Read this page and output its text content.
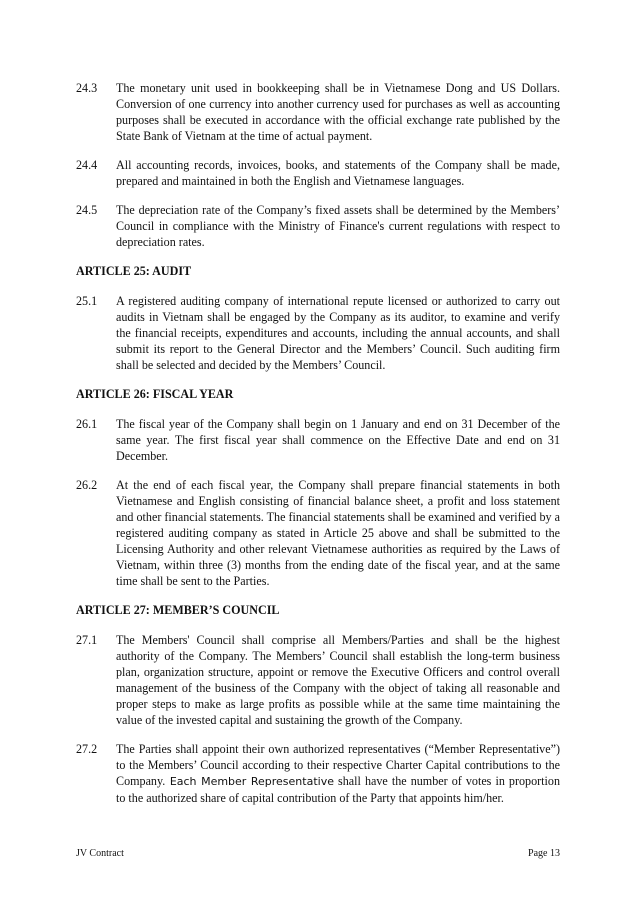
24.3	The monetary unit used in bookkeeping shall be in Vietnamese Dong and US Dollars. Conversion of one currency into another currency used for purchases as well as accounting purposes shall be executed in accordance with the official exchange rate published by the State Bank of Vietnam at the time of actual payment.
24.4	All accounting records, invoices, books, and statements of the Company shall be made, prepared and maintained in both the English and Vietnamese languages.
24.5	The depreciation rate of the Company’s fixed assets shall be determined by the Members’ Council in compliance with the Ministry of Finance's current regulations with respect to depreciation rates.
ARTICLE 25: AUDIT
25.1	A registered auditing company of international repute licensed or authorized to carry out audits in Vietnam shall be engaged by the Company as its auditor, to examine and verify the financial receipts, expenditures and accounts, including the annual accounts, and shall submit its report to the General Director and the Members’ Council. Such auditing firm shall be selected and decided by the Members’ Council.
ARTICLE 26: FISCAL YEAR
26.1	The fiscal year of the Company shall begin on 1 January and end on 31 December of the same year. The first fiscal year shall commence on the Effective Date and end on 31 December.
26.2	At the end of each fiscal year, the Company shall prepare financial statements in both Vietnamese and English consisting of financial balance sheet, a profit and loss statement and other financial statements. The financial statements shall be examined and verified by a registered auditing company as stated in Article 25 above and shall be submitted to the Licensing Authority and other relevant Vietnamese authorities as required by the Laws of Vietnam, within three (3) months from the ending date of the fiscal year, and at the same time shall be sent to the Parties.
ARTICLE 27: MEMBER’S COUNCIL
27.1	The Members' Council shall comprise all Members/Parties and shall be the highest authority of the Company. The Members’ Council shall establish the long-term business plan, organization structure, appoint or remove the Executive Officers and control overall management of the business of the Company with the object of taking all reasonable and proper steps to make as large profits as possible while at the same time maintaining the value of the invested capital and sustaining the growth of the Company.
27.2	The Parties shall appoint their own authorized representatives (“Member Representative”) to the Members’ Council according to their respective Charter Capital contributions to the Company. Each Member Representative shall have the number of votes in proportion to the authorized share of capital contribution of the Party that appoints him/her.
JV Contract	Page 13
